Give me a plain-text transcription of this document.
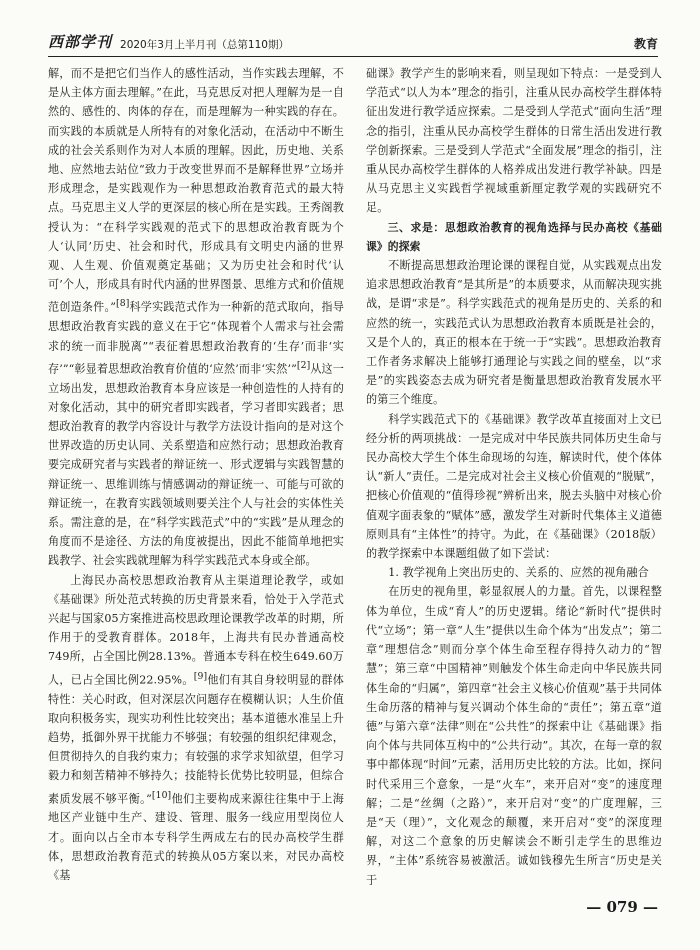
西部学刊 2020年3月上半月刊（总第110期）	教育

解，而不是把它们当作人的感性活动，当作实践去理解，不是从主体方面去理解。”在此，马克思反对把人理解为是一自然的、感性的、肉体的存在，而是理解为一种实践的存在。而实践的本质就是人所特有的对象化活动，在活动中不断生成的社会关系则作为对人本质的理解。因此，历史地、关系地、应然地去站位“致力于改变世界而不是解释世界”立场并形成理念，是实践观作为一种思想政治教育范式的最大特点。马克思主义人学的更深层的核心所在是实践。王秀阁教授认为：“在科学实践观的范式下的思想政治教育既为个人‘认同’历史、社会和时代，形成具有文明史内涵的世界观、人生观、价值观奠定基础；又为历史社会和时代‘认可’个人，形成具有时代内涵的世界图景、思维方式和价值规范创造条件。”[8]科学实践范式作为一种新的范式取向，指导思想政治教育实践的意义在于它“体现着个人需求与社会需求的统一而非脱离”“表征着思想政治教育的‘生存’而非‘实存’”“彰显着思想政治教育价值的‘应然’而非‘实然’”[2]从这一立场出发，思想政治教育本身应该是一种创造性的人持有的对象化活动，其中的研究者即实践者，学习者即实践者；思想政治教育的教学内容设计与教学方法设计指向的是对这个世界改造的历史认同、关系塑造和应然行动；思想政治教育要完成研究者与实践者的辩证统一、形式逻辑与实践智慧的辩证统一、思维训练与情感调动的辩证统一、可能与可欲的辩证统一，在教育实践领域则要关注个人与社会的实体性关系。需注意的是，在“科学实践范式”中的“实践”是从理念的角度而不是途径、方法的角度被提出，因此不能简单地把实践教学、社会实践就理解为科学实践范式本身或全部。

上海民办高校思想政治教育从主渠道理论教学，或如《基础课》所处范式转换的历史背景来看，恰处于入学范式兴起与国家05方案推进高校思政理论课教学改革的时期，所作用于的受教育群体。2018年，上海共有民办普通高校749所，占全国比例28.13%。普通本专科在校生649.60万人，已占全国比例22.95%。[9]他们有其自身较明显的群体特性：关心时政，但对深层次问题存在模糊认识；人生价值取向积极务实，现实功利性比较突出；基本道德水准呈上升趋势，抵御外界干扰能力不够强；有较强的组织纪律观念，但贯彻持久的自我约束力；有较强的求学求知欲望，但学习毅力和刻苦精神不够持久；技能特长优势比较明显，但综合素质发展不够平衡。”[10]他们主要构成来源往往集中于上海地区产业链中生产、建设、管理、服务一线应用型岗位人才。面向以占全市本专科学生两成左右的民办高校学生群体，思想政治教育范式的转换从05方案以来，对民办高校《基

础课》教学产生的影响来看，则呈现如下特点：一是受到人学范式“以人为本”理念的指引，注重从民办高校学生群体特征出发进行教学适应探索。二是受到人学范式“面向生活”理念的指引，注重从民办高校学生群体的日常生活出发进行教学创新探索。三是受到人学范式“全面发展”理念的指引，注重从民办高校学生群体的人格养成出发进行教学补缺。四是从马克思主义实践哲学视域重新厘定教学观的实践研究不足。

三、求是：思想政治教育的视角选择与民办高校《基础课》的探索

不断提高思想政治理论课的课程自觉，从实践观点出发追求思想政治教育“是其所是”的本质要求，从而解决现实挑战，是谓“求是”。科学实践范式的视角是历史的、关系的和应然的统一，实践范式认为思想政治教育本质既是社会的，又是个人的，真正的根本在于统一于“实践”。思想政治教育工作者务求解决上能够打通理论与实践之间的壁垒，以“求是”的实践姿态去成为研究者是衡量思想政治教育发展水平的第三个维度。

科学实践范式下的《基础课》教学改革直接面对上文已经分析的两项挑战：一是完成对中华民族共同体历史生命与民办高校大学生个体生命现场的勾连，解读时代，使个体体认“新人”责任。二是完成对社会主义核心价值观的“脱赋”，把核心价值观的“值得珍视”辨析出来，脱去头脑中对核心价值观字面表象的“赋体”感，激发学生对新时代集体主义道德原则具有“主体性”的持守。为此，在《基础课》（2018版）的教学探索中本课题组做了如下尝试：

1. 教学视角上突出历史的、关系的、应然的视角融合

在历史的视角里，彰显叙展人的力量。首先，以课程整体为单位，生成“育人”的历史逻辑。绪论“新时代”提供时代“立场”；第一章“人生”提供以生命个体为“出发点”；第二章“理想信念”则而分享个体生命至程存得持久动力的“智慧”；第三章“中国精神”则触发个体生命走向中华民族共同体生命的“归属”，第四章“社会主义核心价值观”基于共同体生命历落的精神与复兴调动个体生命的“责任”；第五章“道德”与第六章“法律”则在“公共性”的探索中让《基础课》指向个体与共同体互构中的“公共行动”。其次，在每一章的叙事中都体现“时间”元素，活用历史比较的方法。比如，探问时代采用三个意象，一是“火车”，来开启对“变”的速度理解；二是“丝绸（之路）”，来开启对“变”的广度理解，三是“天（理）”，文化观念的颠覆，来开启对“变”的深度理解，对这二个意象的历史解读会不断引走学生的思维边界，“主体”系统容易被激活。诚如钱穆先生所言“历史是关于

— 079 —
